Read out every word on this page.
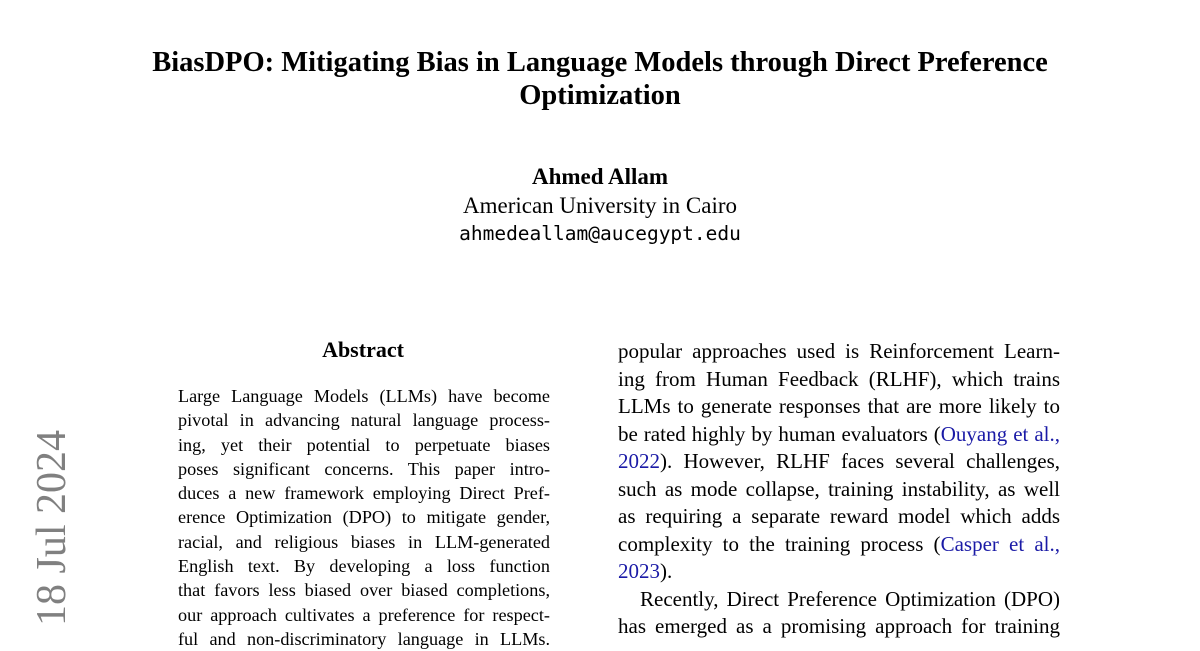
BiasDPO: Mitigating Bias in Language Models through Direct Preference
Optimization
Ahmed Allam
American University in Cairo
ahmedeallam@aucegypt.edu
18 Jul 2024
Abstract
Large Language Models (LLMs) have become
pivotal in advancing natural language process-
ing, yet their potential to perpetuate biases
poses significant concerns. This paper intro-
duces a new framework employing Direct Pref-
erence Optimization (DPO) to mitigate gender,
racial, and religious biases in LLM-generated
English text. By developing a loss function
that favors less biased over biased completions,
our approach cultivates a preference for respect-
ful and non-discriminatory language in LLMs.
popular approaches used is Reinforcement Learn-
ing from Human Feedback (RLHF), which trains
LLMs to generate responses that are more likely to
be rated highly by human evaluators (Ouyang et al.,
2022). However, RLHF faces several challenges,
such as mode collapse, training instability, as well
as requiring a separate reward model which adds
complexity to the training process (Casper et al.,
2023).
Recently, Direct Preference Optimization (DPO)
has emerged as a promising approach for training
